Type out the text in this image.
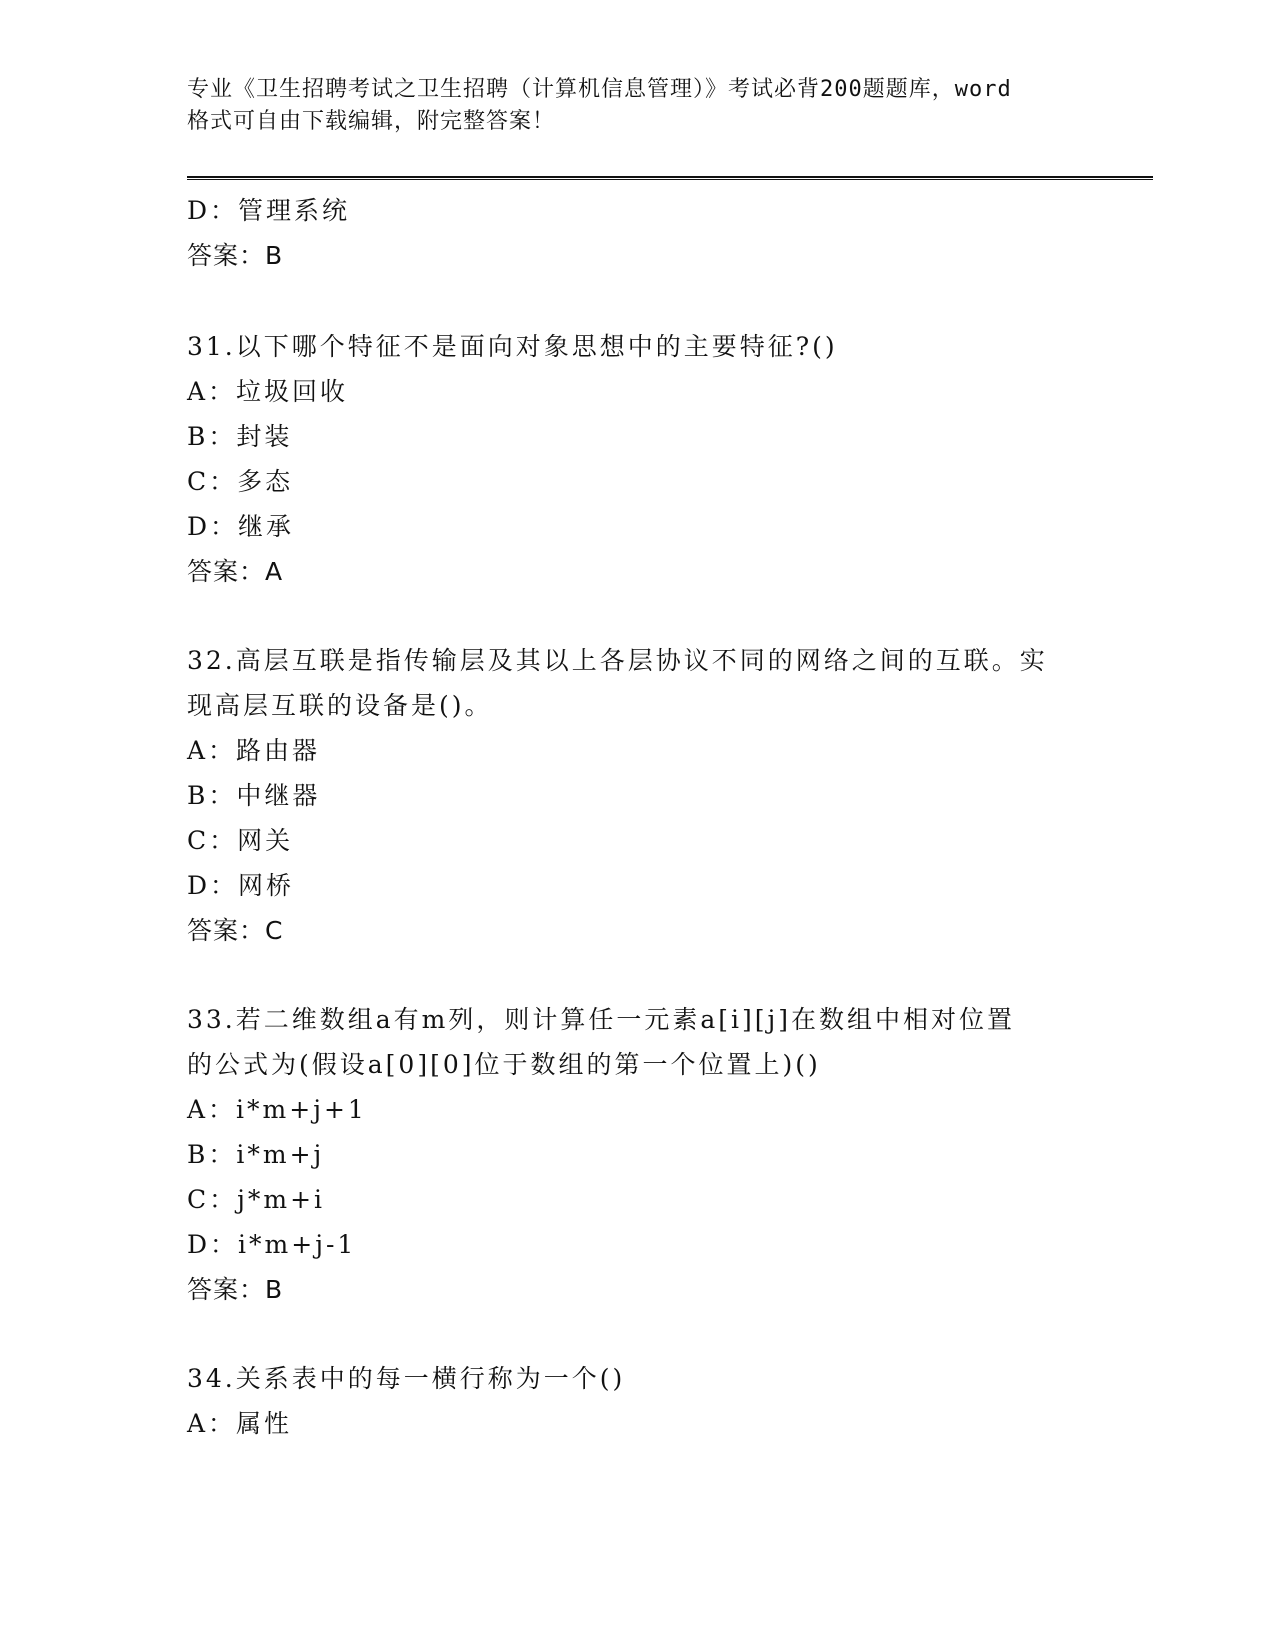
专业《卫生招聘考试之卫生招聘（计算机信息管理）》考试必背200题题库，word
格式可自由下载编辑，附完整答案！
D：管理系统
答案：B
31.以下哪个特征不是面向对象思想中的主要特征?()
A：垃圾回收
B：封装
C：多态
D：继承
答案：A
32.高层互联是指传输层及其以上各层协议不同的网络之间的互联。实
现高层互联的设备是()。
A：路由器
B：中继器
C：网关
D：网桥
答案：C
33.若二维数组a有m列，则计算任一元素a[i][j]在数组中相对位置
的公式为(假设a[0][0]位于数组的第一个位置上)()
A：i*m+j+1
B：i*m+j
C：j*m+i
D：i*m+j-1
答案：B
34.关系表中的每一横行称为一个()
A：属性
